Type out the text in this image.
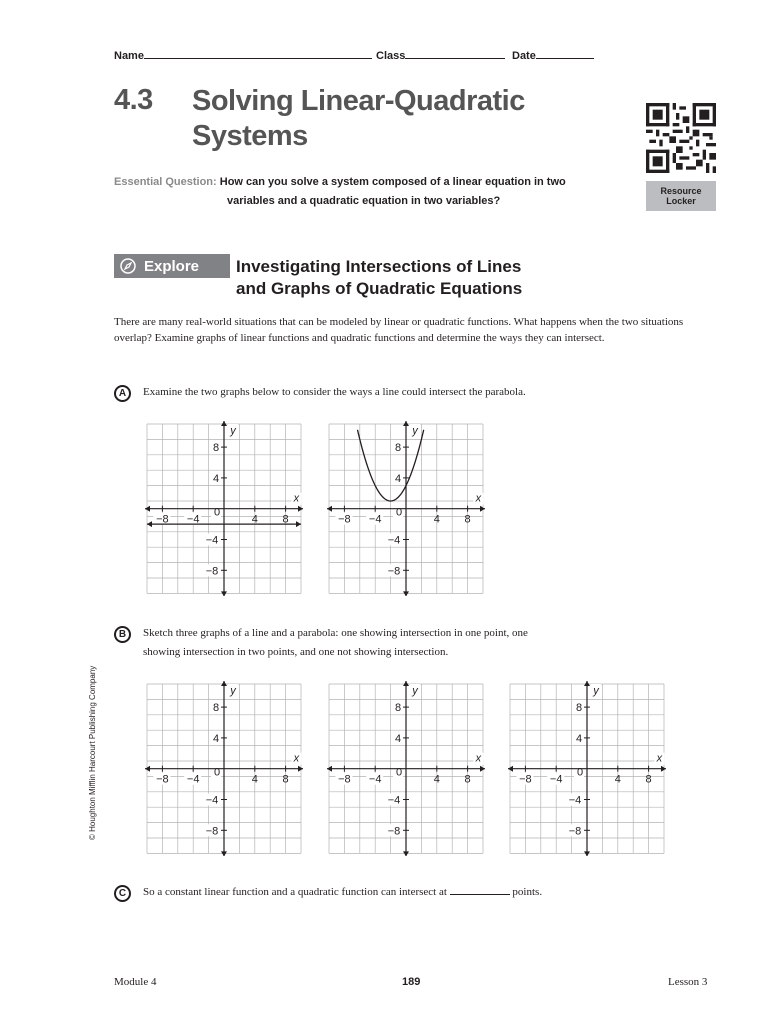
Name	Class	Date
4.3 Solving Linear-Quadratic
Systems
Essential Question: How can you solve a system composed of a linear equation in two
variables and a quadratic equation in two variables?
Resource
Locker
Explore Investigating Intersections of Lines
and Graphs of Quadratic Equations
There are many real-world situations that can be modeled by linear or quadratic functions. What happens when the two situations overlap? Examine graphs of linear functions and quadratic functions and determine the ways they can intersect.
A Examine the two graphs below to consider the ways a line could intersect the parabola.
B Sketch three graphs of a line and a parabola: one showing intersection in one point, one
showing intersection in two points, and one not showing intersection.
C So a constant linear function and a quadratic function can intersect at	points.
−8 −4	4 8
0
8
4
−4
−8
y
x
−8 −4	4 8
0
8
4
−4
−8
y
x
−8 −4	4 8
0
8
4
−4
−8
y
x
−8 −4	4 8
0
8
4
−4
−8
y
x
−8 −4	4 8
0
8
4
−4
−8
y
x
© Houghton Mifflin Harcourt Publishing Company
Module 4	189	Lesson 3
